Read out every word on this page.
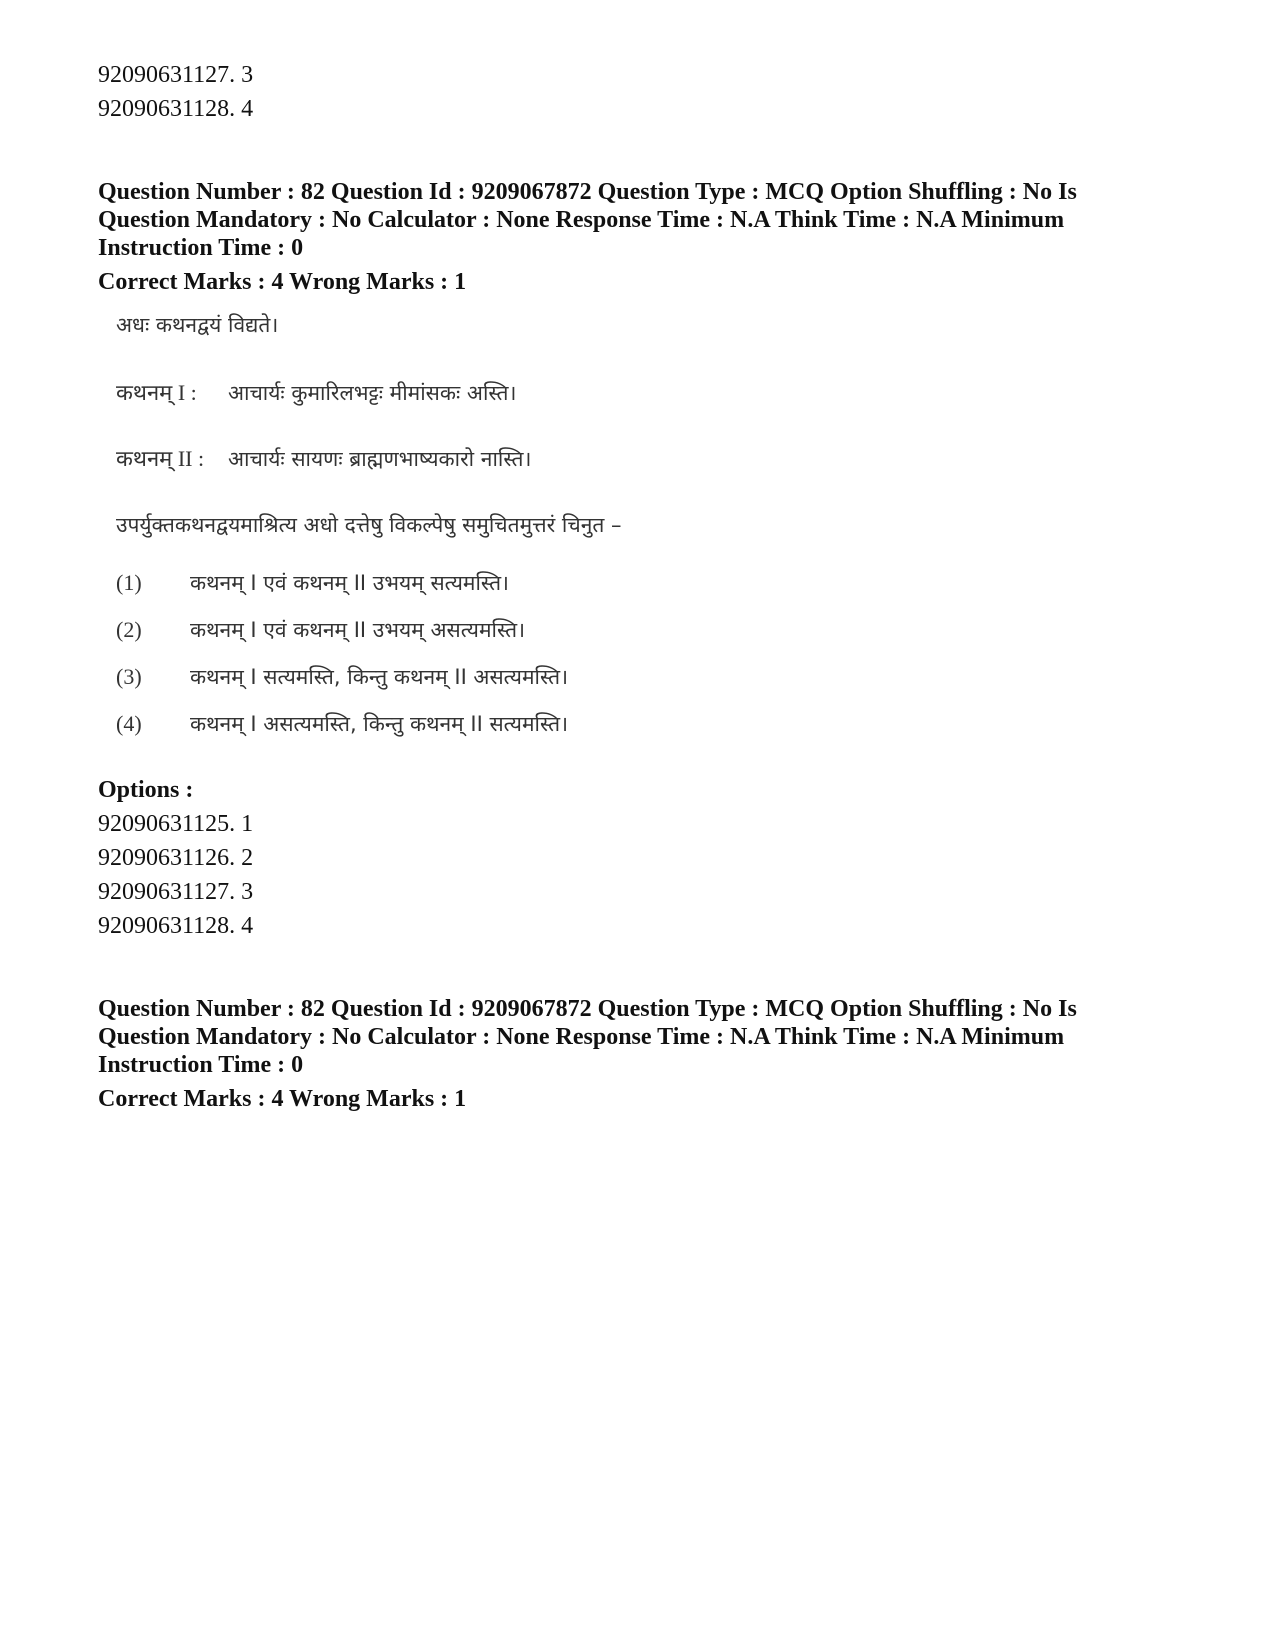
92090631127. 3

92090631128. 4

Question Number : 82 Question Id : 9209067872 Question Type : MCQ Option Shuffling : No Is

Question Mandatory : No Calculator : None Response Time : N.A Think Time : N.A Minimum

Instruction Time : 0

Correct Marks : 4 Wrong Marks : 1

अधः कथनद्वयं विद्यते।

कथनम् I :	आचार्यः कुमारिलभट्टः मीमांसकः अस्ति।
कथनम् II :	आचार्यः सायणः ब्राह्मणभाष्यकारो नास्ति।

उपर्युक्तकथनद्वयमाश्रित्य अधो दत्तेषु विकल्पेषु समुचितमुत्तरं चिनुत –

(1)	कथनम् I एवं कथनम् II उभयम् सत्यमस्ति।
(2)	कथनम् I एवं कथनम् II उभयम् असत्यमस्ति।
(3)	कथनम् I सत्यमस्ति, किन्तु कथनम् II असत्यमस्ति।
(4)	कथनम् I असत्यमस्ति, किन्तु कथनम् II सत्यमस्ति।

Options :

92090631125. 1

92090631126. 2

92090631127. 3

92090631128. 4

Question Number : 82 Question Id : 9209067872 Question Type : MCQ Option Shuffling : No Is

Question Mandatory : No Calculator : None Response Time : N.A Think Time : N.A Minimum

Instruction Time : 0

Correct Marks : 4 Wrong Marks : 1
